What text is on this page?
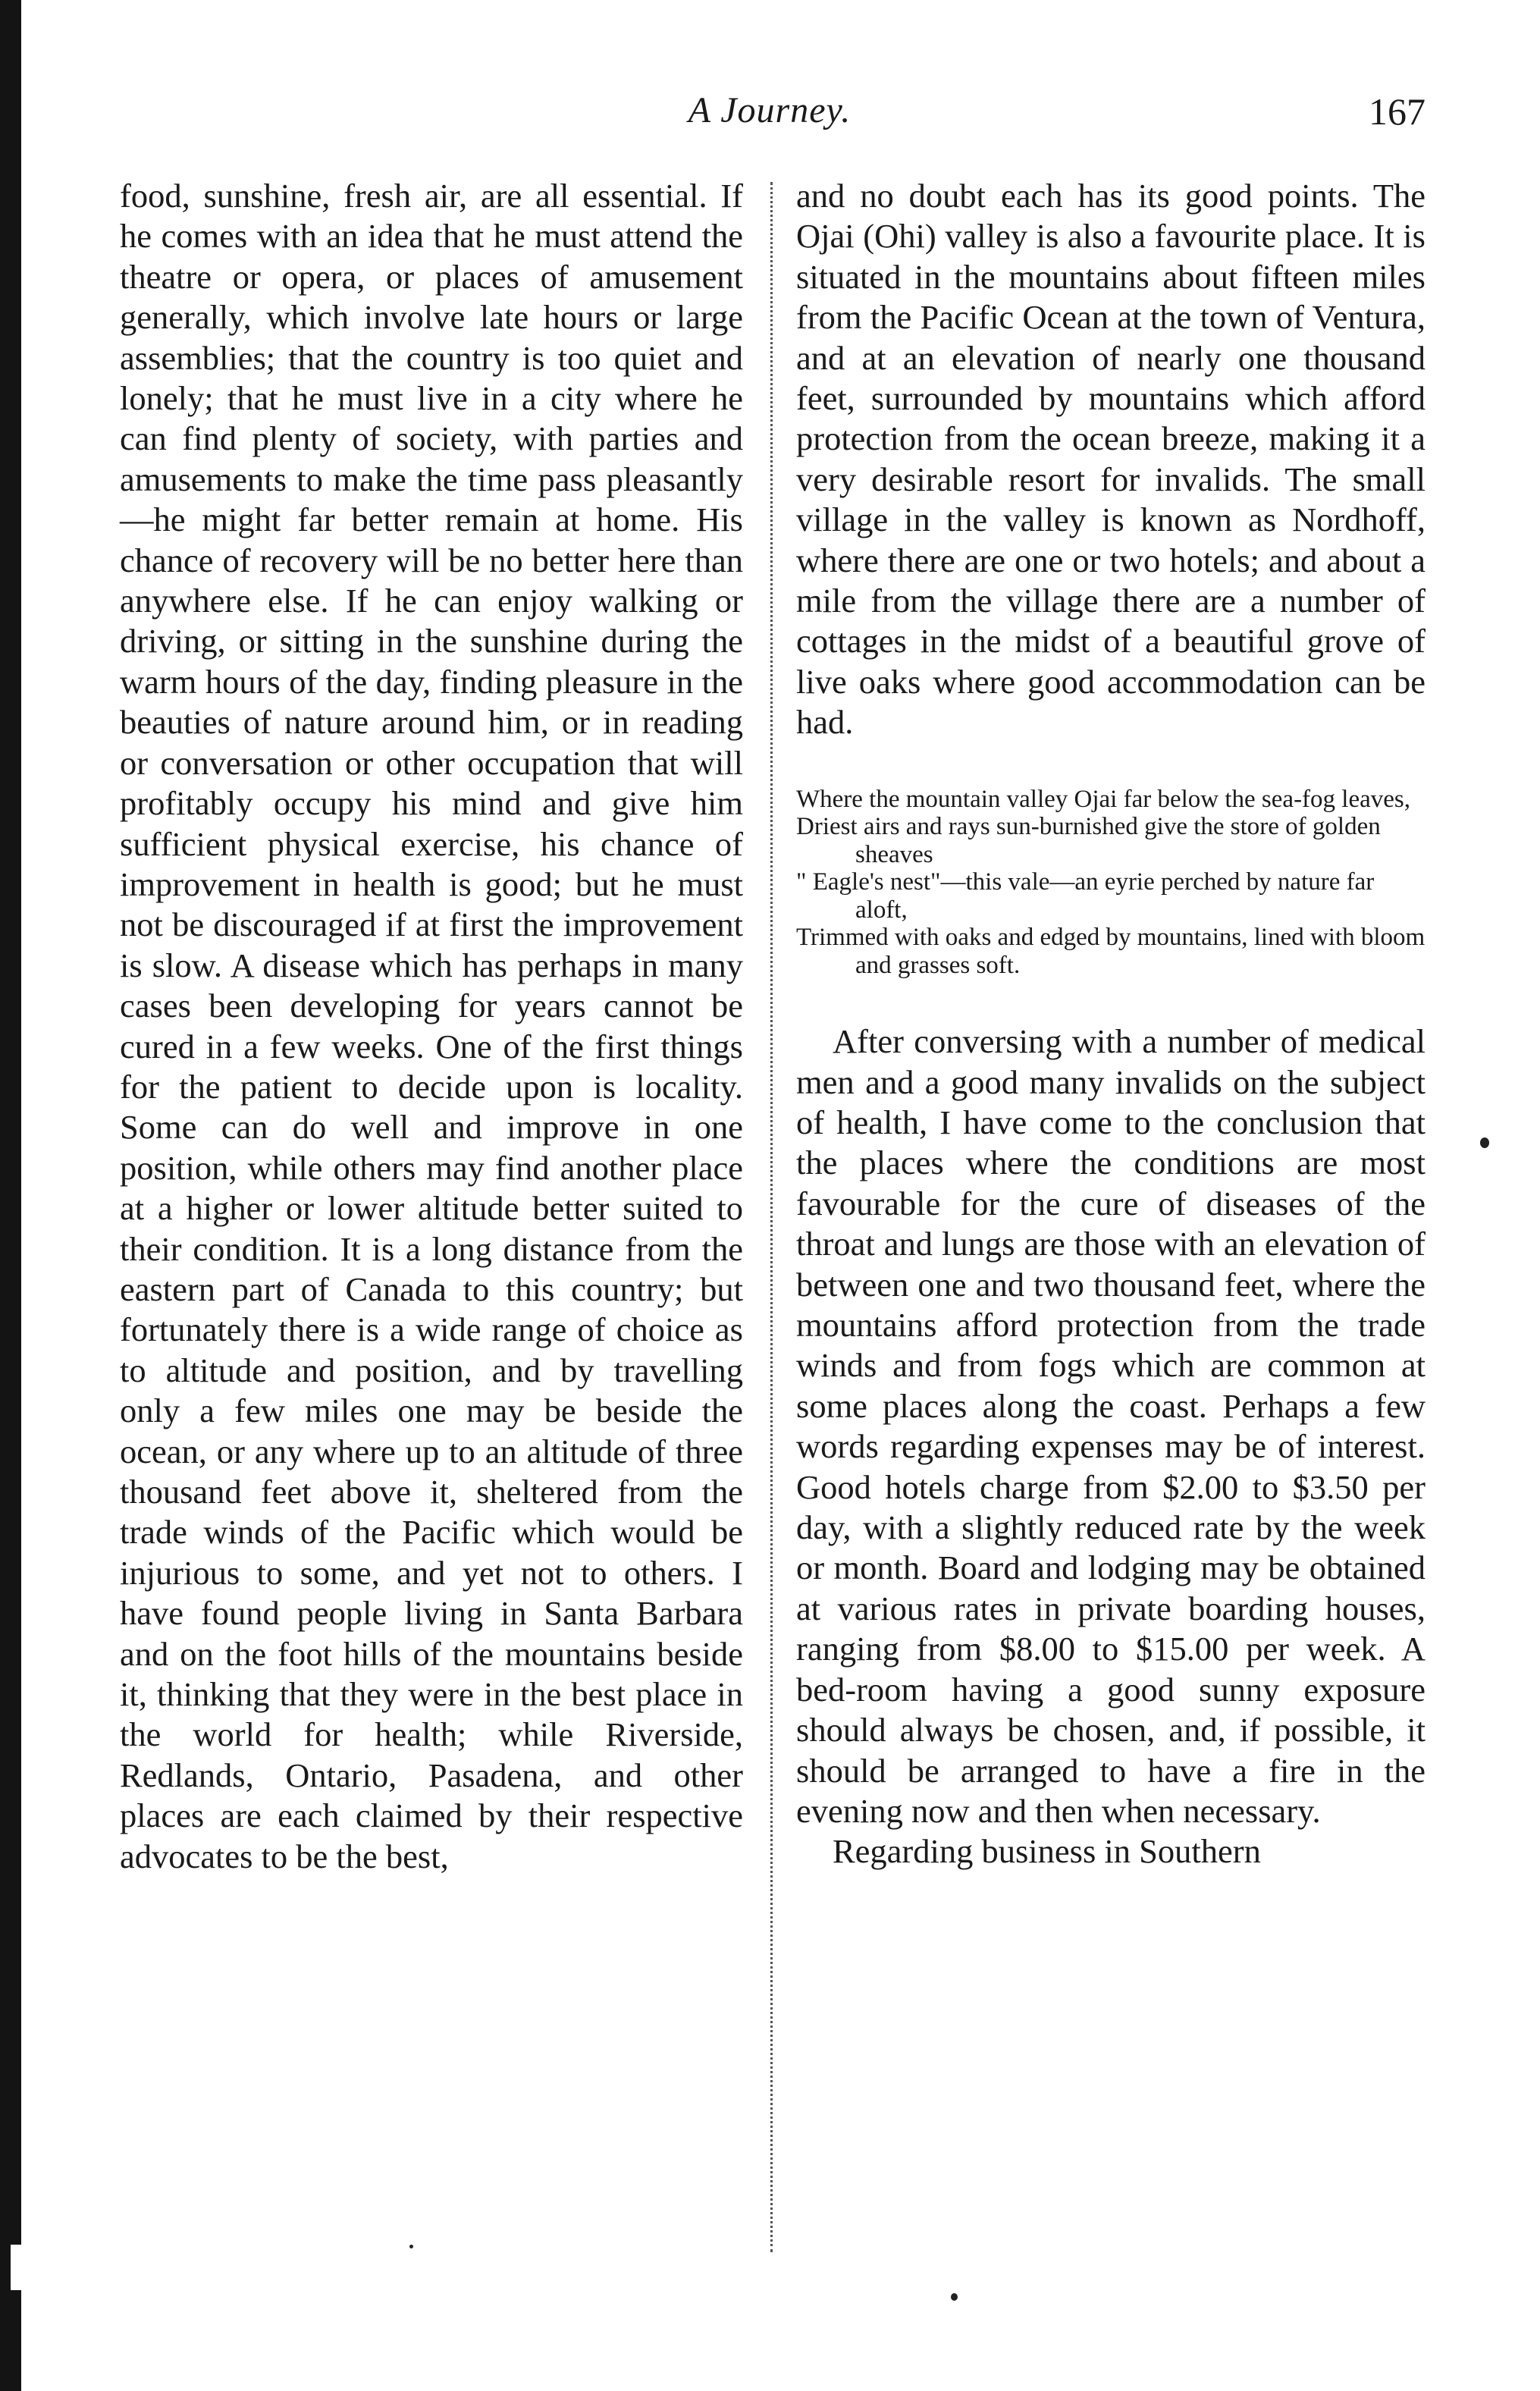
A Journey.	167

food, sunshine, fresh air, are all essential. If he comes with an idea that he must attend the theatre or opera, or places of amusement generally, which involve late hours or large assemblies; that the country is too quiet and lonely; that he must live in a city where he can find plenty of society, with parties and amusements to make the time pass pleasantly—he might far better remain at home. His chance of recovery will be no better here than anywhere else. If he can enjoy walking or driving, or sitting in the sunshine during the warm hours of the day, finding pleasure in the beauties of nature around him, or in reading or conversation or other occupation that will profitably occupy his mind and give him sufficient physical exercise, his chance of improvement in health is good; but he must not be discouraged if at first the improvement is slow. A disease which has perhaps in many cases been developing for years cannot be cured in a few weeks. One of the first things for the patient to decide upon is locality. Some can do well and improve in one position, while others may find another place at a higher or lower altitude better suited to their condition. It is a long distance from the eastern part of Canada to this country; but fortunately there is a wide range of choice as to altitude and position, and by travelling only a few miles one may be beside the ocean, or any where up to an altitude of three thousand feet above it, sheltered from the trade winds of the Pacific which would be injurious to some, and yet not to others. I have found people living in Santa Barbara and on the foot hills of the mountains beside it, thinking that they were in the best place in the world for health; while Riverside, Redlands, Ontario, Pasadena, and other places are each claimed by their respective advocates to be the best,

and no doubt each has its good points. The Ojai (Ohi) valley is also a favourite place. It is situated in the mountains about fifteen miles from the Pacific Ocean at the town of Ventura, and at an elevation of nearly one thousand feet, surrounded by mountains which afford protection from the ocean breeze, making it a very desirable resort for invalids. The small village in the valley is known as Nordhoff, where there are one or two hotels; and about a mile from the village there are a number of cottages in the midst of a beautiful grove of live oaks where good accommodation can be had.

Where the mountain valley Ojai far below the sea-fog leaves,
Driest airs and rays sun-burnished give the store of golden sheaves
" Eagle's nest"—this vale—an eyrie perched by nature far aloft,
Trimmed with oaks and edged by mountains, lined with bloom and grasses soft.

After conversing with a number of medical men and a good many invalids on the subject of health, I have come to the conclusion that the places where the conditions are most favourable for the cure of diseases of the throat and lungs are those with an elevation of between one and two thousand feet, where the mountains afford protection from the trade winds and from fogs which are common at some places along the coast. Perhaps a few words regarding expenses may be of interest. Good hotels charge from $2.00 to $3.50 per day, with a slightly reduced rate by the week or month. Board and lodging may be obtained at various rates in private boarding houses, ranging from $8.00 to $15.00 per week. A bed-room having a good sunny exposure should always be chosen, and, if possible, it should be arranged to have a fire in the evening now and then when necessary.

Regarding business in Southern
